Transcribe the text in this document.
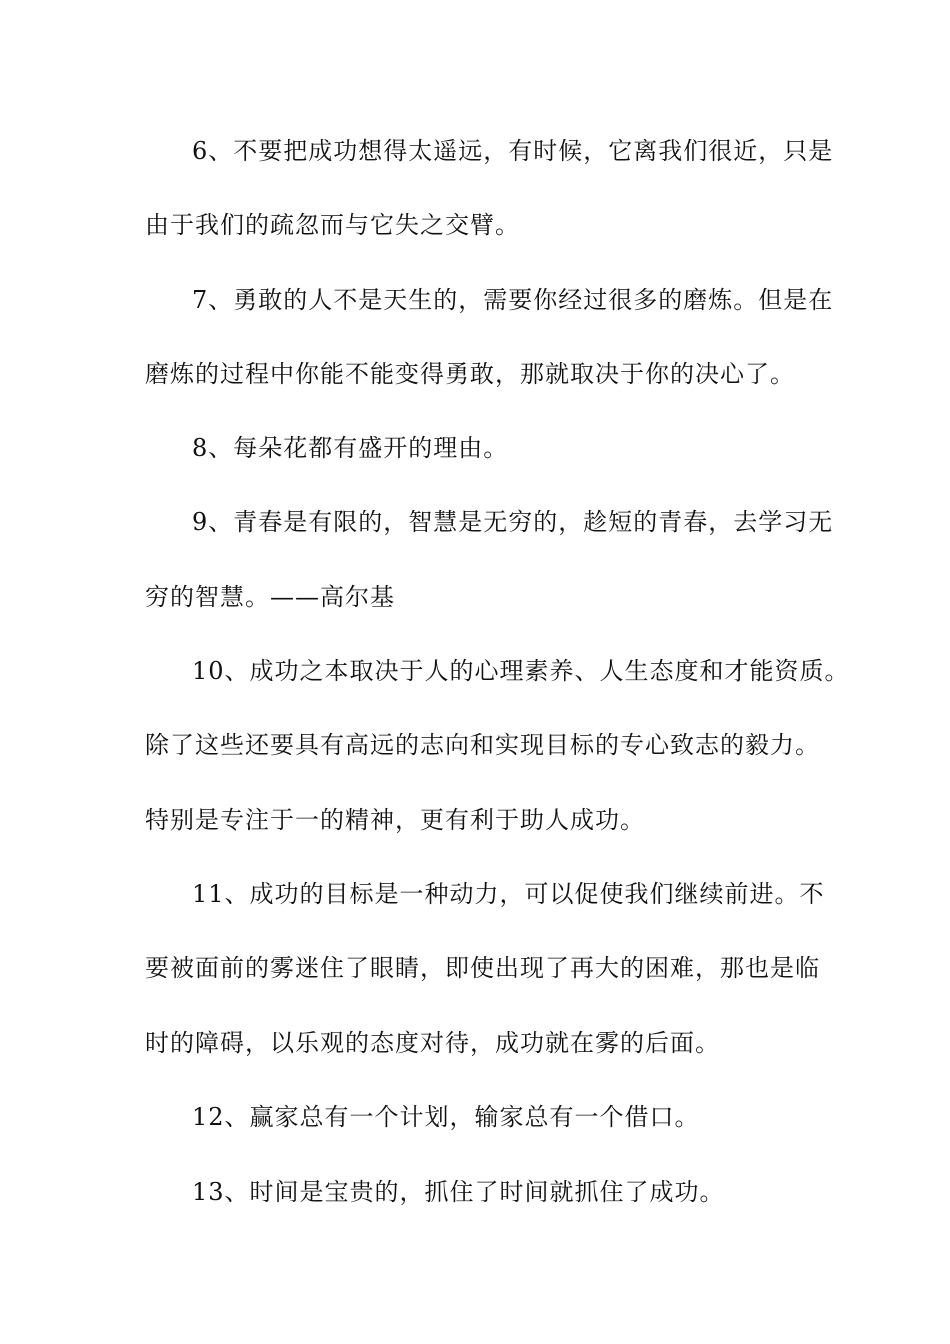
6、不要把成功想得太遥远，有时候，它离我们很近，只是
由于我们的疏忽而与它失之交臂。
7、勇敢的人不是天生的，需要你经过很多的磨炼。但是在
磨炼的过程中你能不能变得勇敢，那就取决于你的决心了。
8、每朵花都有盛开的理由。
9、青春是有限的，智慧是无穷的，趁短的青春，去学习无
穷的智慧。——高尔基
10、成功之本取决于人的心理素养、人生态度和才能资质。
除了这些还要具有高远的志向和实现目标的专心致志的毅力。
特别是专注于一的精神，更有利于助人成功。
11、成功的目标是一种动力，可以促使我们继续前进。不
要被面前的雾迷住了眼睛，即使出现了再大的困难，那也是临
时的障碍，以乐观的态度对待，成功就在雾的后面。
12、赢家总有一个计划，输家总有一个借口。
13、时间是宝贵的，抓住了时间就抓住了成功。
